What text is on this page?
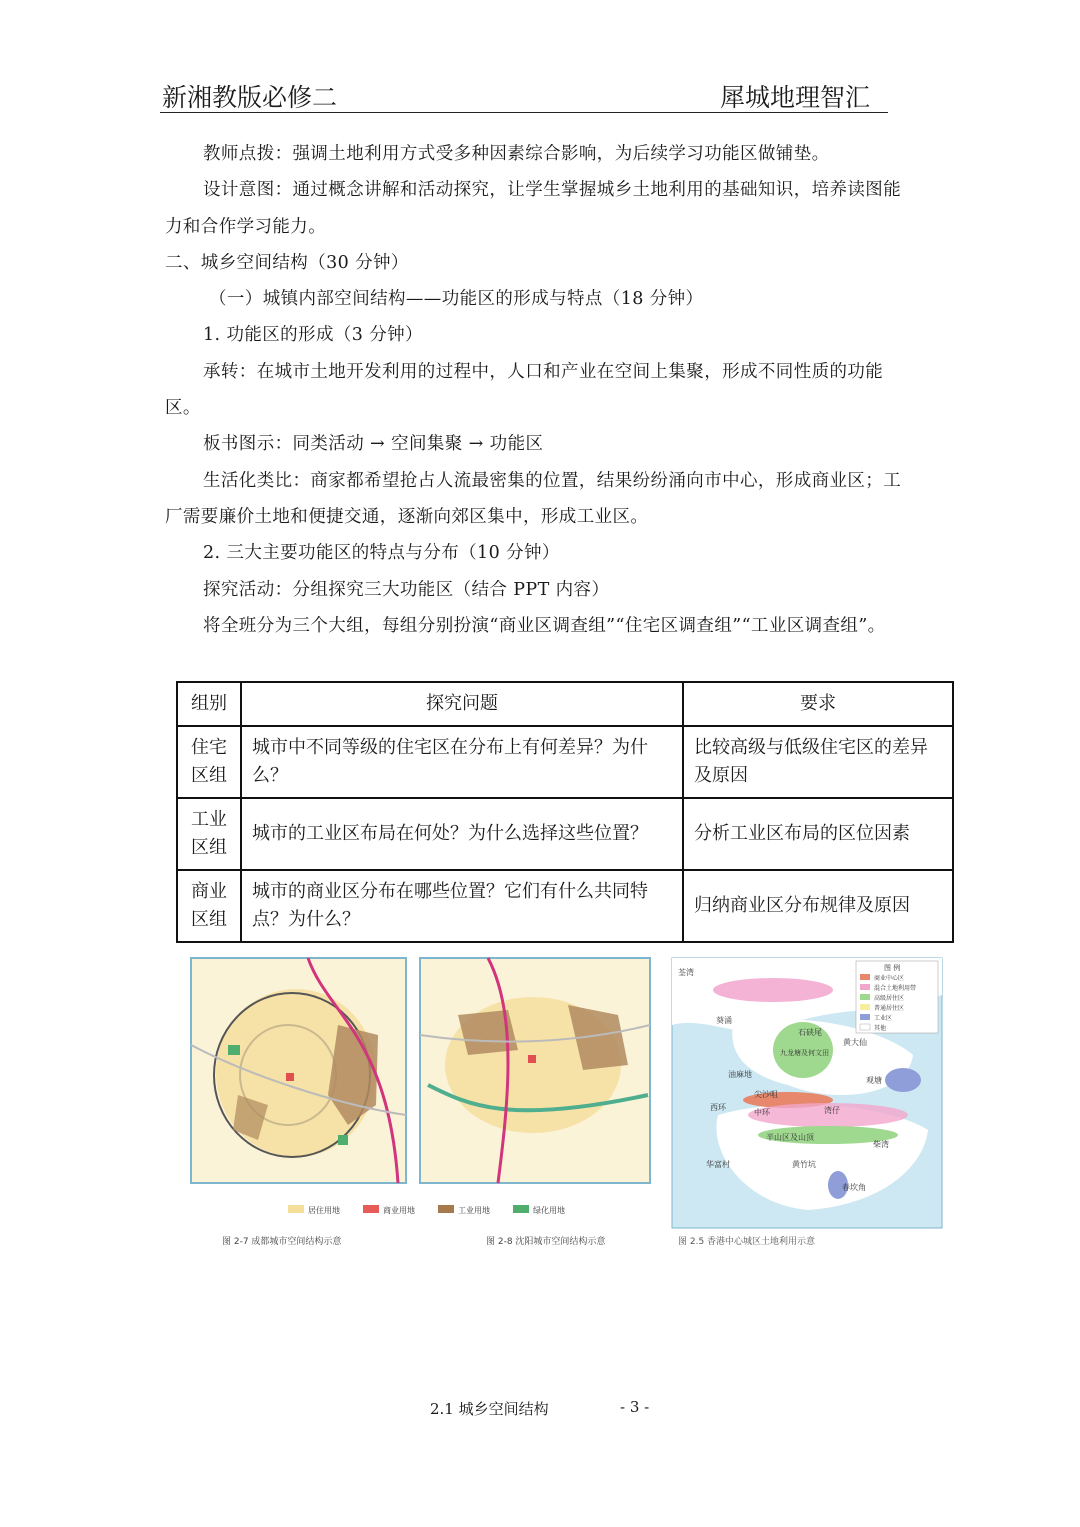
新湘教版必修二	犀城地理智汇

教师点拨：强调土地利用方式受多种因素综合影响，为后续学习功能区做铺垫。

设计意图：通过概念讲解和活动探究，让学生掌握城乡土地利用的基础知识，培养读图能力和合作学习能力。

二、城乡空间结构（30 分钟）

（一）城镇内部空间结构——功能区的形成与特点（18 分钟）

1. 功能区的形成（3 分钟）

承转：在城市土地开发利用的过程中，人口和产业在空间上集聚，形成不同性质的功能区。

板书图示：同类活动 → 空间集聚 → 功能区

生活化类比：商家都希望抢占人流最密集的位置，结果纷纷涌向市中心，形成商业区；工厂需要廉价土地和便捷交通，逐渐向郊区集中，形成工业区。

2. 三大主要功能区的特点与分布（10 分钟）

探究活动：分组探究三大功能区（结合 PPT 内容）

将全班分为三个大组，每组分别扮演“商业区调查组”“住宅区调查组”“工业区调查组”。

组别	探究问题	要求
住宅区组	城市中不同等级的住宅区在分布上有何差异？为什么？	比较高级与低级住宅区的差异及原因
工业区组	城市的工业区布局在何处？为什么选择这些位置？	分析工业区布局的区位因素
商业区组	城市的商业区分布在哪些位置？它们有什么共同特点？为什么？	归纳商业区分布规律及原因
居住用地	商业用地	工业用地	绿化用地
图 2-7 成都城市空间结构示意	图 2-8 沈阳城市空间结构示意
图 例
商业中心区
混合土地利用带
高级居住区
普通居住区
工业区
其他
荃湾
葵涌
石硖尾
黄大仙
九龙塘及何文田
油麻地
尖沙咀
观塘
西环
中环	湾仔
半山区及山顶
柴湾
华富村	黄竹坑
春坎角
图 2.5 香港中心城区土地利用示意
2.1 城乡空间结构	- 3 -
